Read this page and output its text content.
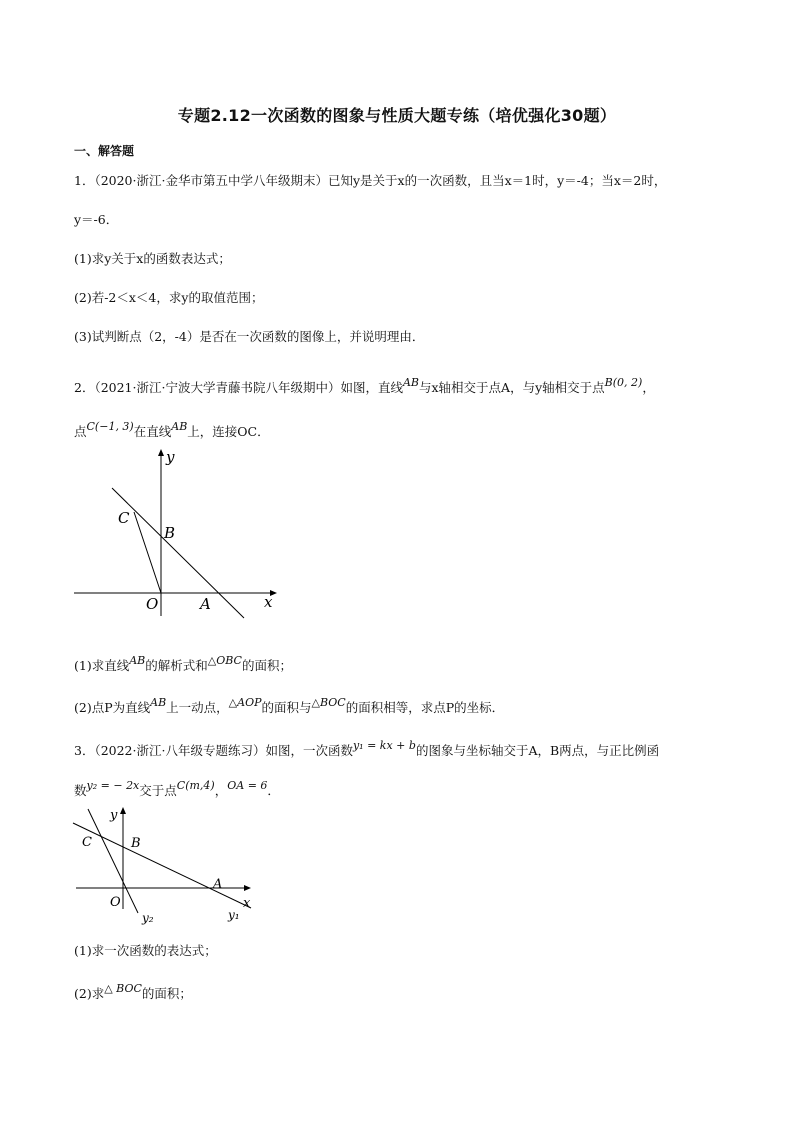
专题2.12一次函数的图象与性质大题专练（培优强化30题）
一、解答题
1．（2020·浙江·金华市第五中学八年级期末）已知y是关于x的一次函数，且当x＝1时，y＝-4；当x＝2时，
y＝-6．
(1)求y关于x的函数表达式；
(2)若-2＜x＜4，求y的取值范围；
(3)试判断点（2，-4）是否在一次函数的图像上，并说明理由．
2．（2021·浙江·宁波大学青藤书院八年级期中）如图，直线AB与x轴相交于点A，与y轴相交于点B(0, 2)，
点C(−1, 3)在直线AB上，连接OC．
y
x
C
B
O	A
(1)求直线AB的解析式和△OBC的面积；
(2)点P为直线AB上一动点，△AOP的面积与△BOC的面积相等，求点P的坐标．
3．（2022·浙江·八年级专题练习）如图，一次函数y₁ = kx + b的图象与坐标轴交于A，B两点，与正比例函
数y₂ = − 2x交于点C(m,4)，OA = 6．
y
x
C	B
O
A
y₂	y₁
(1)求一次函数的表达式；
(2)求△ BOC的面积；
